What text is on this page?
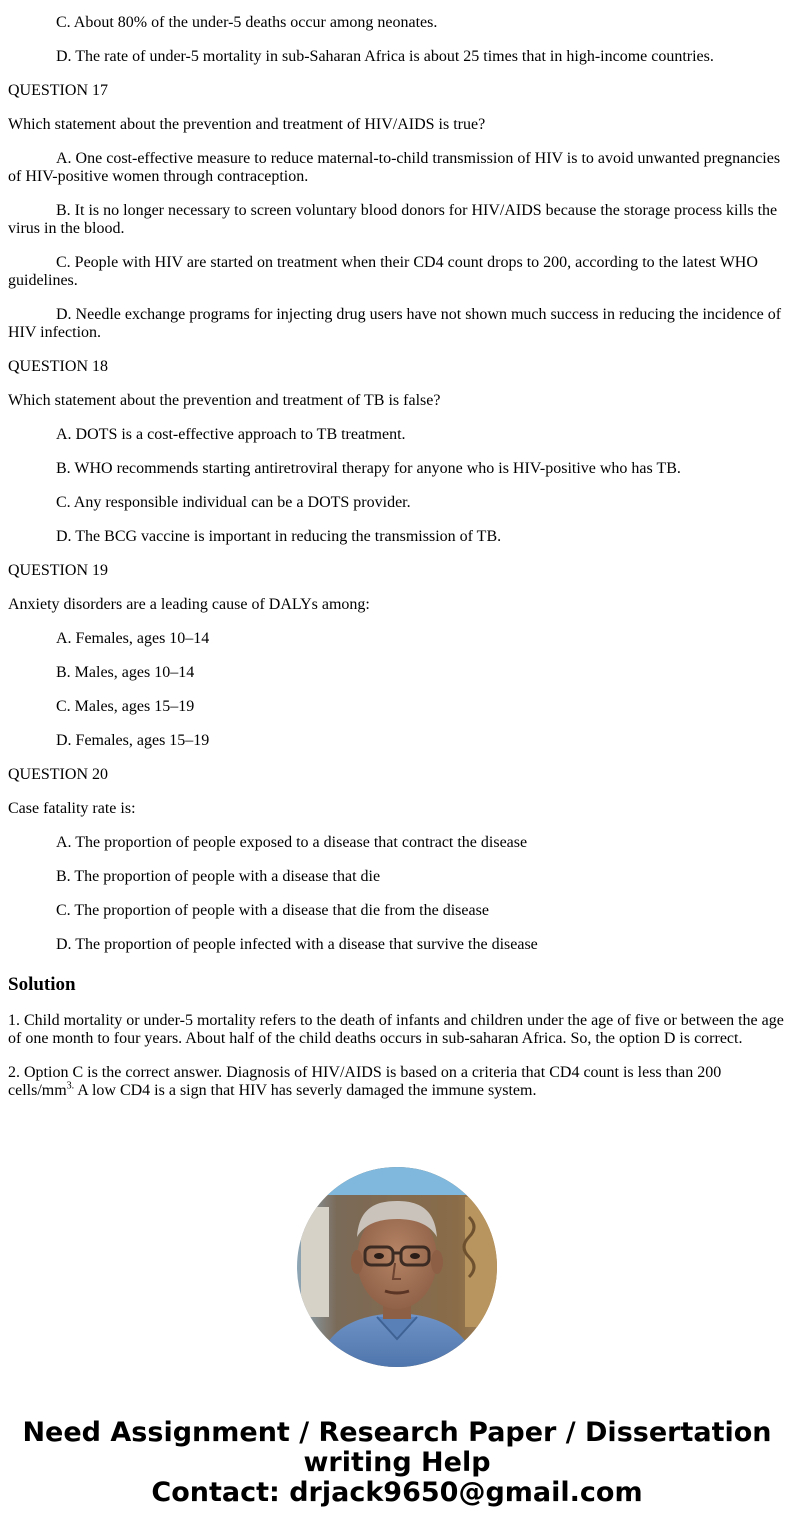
C. About 80% of the under-5 deaths occur among neonates.

D. The rate of under-5 mortality in sub-Saharan Africa is about 25 times that in high-income countries.

QUESTION 17

Which statement about the prevention and treatment of HIV/AIDS is true?

A. One cost-effective measure to reduce maternal-to-child transmission of HIV is to avoid unwanted pregnancies of HIV-positive women through contraception.

B. It is no longer necessary to screen voluntary blood donors for HIV/AIDS because the storage process kills the virus in the blood.

C. People with HIV are started on treatment when their CD4 count drops to 200, according to the latest WHO guidelines.

D. Needle exchange programs for injecting drug users have not shown much success in reducing the incidence of HIV infection.

QUESTION 18

Which statement about the prevention and treatment of TB is false?

A. DOTS is a cost-effective approach to TB treatment.

B. WHO recommends starting antiretroviral therapy for anyone who is HIV-positive who has TB.

C. Any responsible individual can be a DOTS provider.

D. The BCG vaccine is important in reducing the transmission of TB.

QUESTION 19

Anxiety disorders are a leading cause of DALYs among:

A. Females, ages 10–14

B. Males, ages 10–14

C. Males, ages 15–19

D. Females, ages 15–19

QUESTION 20

Case fatality rate is:

A. The proportion of people exposed to a disease that contract the disease

B. The proportion of people with a disease that die

C. The proportion of people with a disease that die from the disease

D. The proportion of people infected with a disease that survive the disease

Solution

1. Child mortality or under-5 mortality refers to the death of infants and children under the age of five or between the age of one month to four years. About half of the child deaths occurs in sub-saharan Africa. So, the option D is correct.

2. Option C is the correct answer. Diagnosis of HIV/AIDS is based on a criteria that CD4 count is less than 200 cells/$mm^{3.}$ A low CD4 is a sign that HIV has severly damaged the immune system.

Need Assignment / Research Paper / Dissertation
writing Help
Contact: drjack9650@gmail.com
